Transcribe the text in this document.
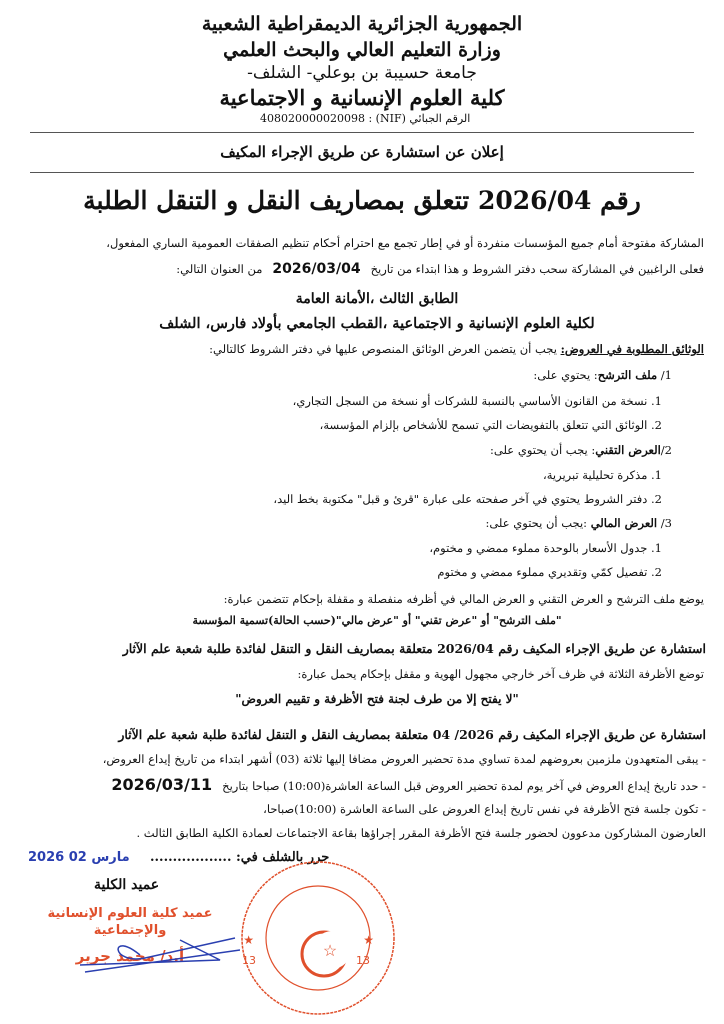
الجمهورية الجزائرية الديمقراطية الشعبية
وزارة التعليم العالي والبحث العلمي
جامعة حسيبة بن بوعلي- الشلف-
كلية العلوم الإنسانية و الاجتماعية
الرقم الجبائي (NIF) : 408020000020098
إعلان عن استشارة عن طريق الإجراء المكيف
رقم 2026/04 تتعلق بمصاريف النقل و التنقل الطلبة
المشاركة مفتوحة أمام جميع المؤسسات منفردة أو في إطار تجمع مع احترام أحكام تنظيم الصفقات العمومية الساري المفعول،
فعلى الراغبين في المشاركة سحب دفتر الشروط و هذا ابتداء من تاريخ2026/03/04من العنوان التالي:
الطابق الثالث ،الأمانة العامة
لكلية العلوم الإنسانية و الاجتماعية ،القطب الجامعي بأولاد فارس، الشلف
الوثائق المطلوبة في العروض: يجب أن يتضمن العرض الوثائق المنصوص عليها في دفتر الشروط كالتالي:
1/ ملف الترشح: يحتوي على:
1. نسخة من القانون الأساسي بالنسبة للشركات أو نسخة من السجل التجاري،
2. الوثائق التي تتعلق بالتفويضات التي تسمح للأشخاص بإلزام المؤسسة،
2/العرض التقني: يجب أن يحتوي على:
1. مذكرة تحليلية تبريرية،
2. دفتر الشروط يحتوي في آخر صفحته على عبارة "قرئ و قبل" مكتوبة بخط اليد،
3/ العرض المالي :يجب أن يحتوي على:
1. جدول الأسعار بالوحدة مملوء ممضي و مختوم،
2. تفصيل كمّي وتقديري مملوء ممضي و مختوم
يوضع ملف الترشح و العرض التقني و العرض المالي في أظرفه منفصلة و مقفلة بإحكام تتضمن عبارة:
"ملف الترشح" أو "عرض تقني" أو "عرض مالي"(حسب الحالة)تسمية المؤسسة
استشارة عن طريق الإجراء المكيف رقم 2026/04 متعلقة بمصاريف النقل و التنقل لفائدة طلبة شعبة علم الآثار
توضع الأظرفة الثلاثة في ظرف آخر خارجي مجهول الهوية و مقفل بإحكام يحمل عبارة:
"لا يفتح إلا من طرف لجنة فتح الأظرفة و تقييم العروض"
استشارة عن طريق الإجراء المكيف رقم 2026/ 04 متعلقة بمصاريف النقل و التنقل لفائدة طلبة شعبة علم الآثار
- يبقى المتعهدون ملزمين بعروضهم لمدة تساوي مدة تحضير العروض مضافا إليها ثلاثة (03) أشهر ابتداء من تاريخ إيداع العروض،
- حدد تاريخ إيداع العروض في آخر يوم لمدة تحضير العروض قبل الساعة العاشرة(10:00) صباحا بتاريخ2026/03/11
- تكون جلسة فتح الأظرفة في نفس تاريخ إيداع العروض على الساعة العاشرة (10:00)صباحا،
العارضون المشاركون مدعوون لحضور جلسة فتح الأظرفة المقرر إجراؤها بقاعة الاجتماعات لعمادة الكلية الطابق الثالث .
حرر بالشلف في: ..................
2026 مارس 02
عميد الكلية
عميد كلية العلوم الإنسانية
والإجتماعية
أ.د/ محمد جرير	☆
★	★
13	13
